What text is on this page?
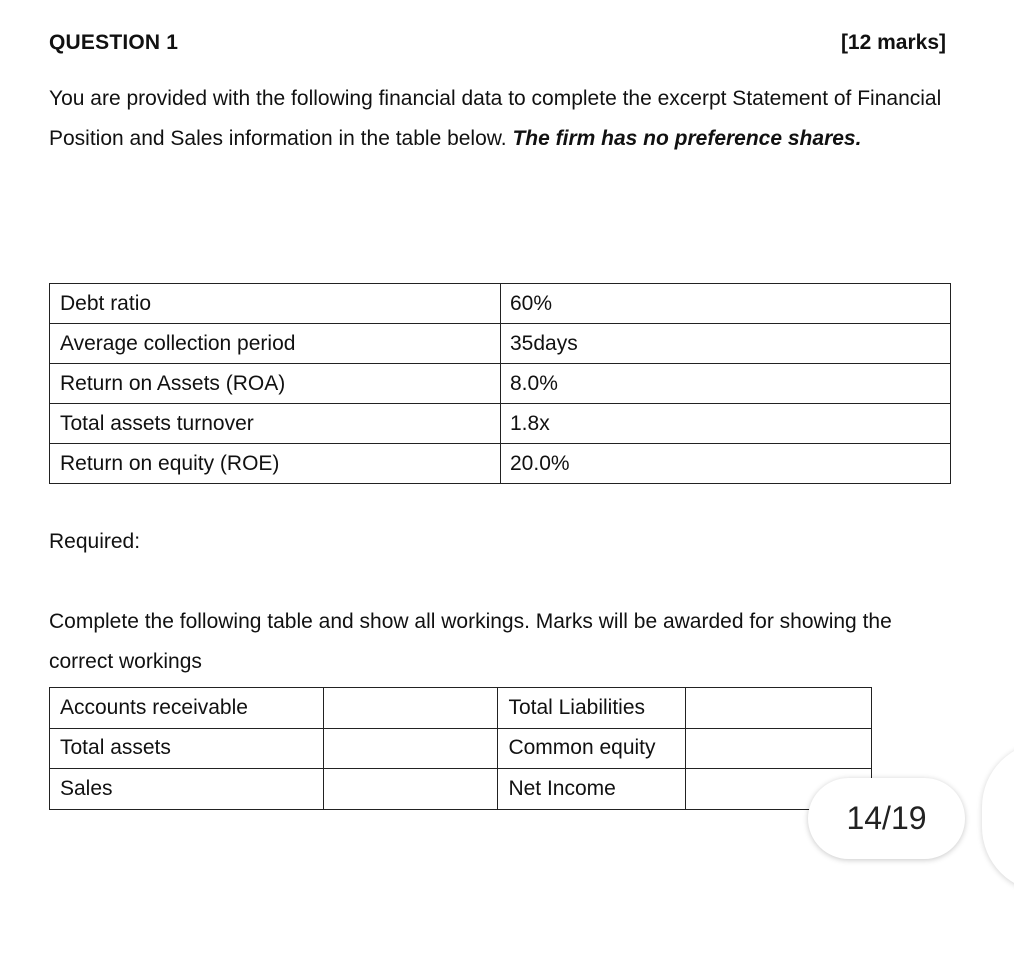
QUESTION 1	[12 marks]

You are provided with the following financial data to complete the excerpt Statement of Financial Position and Sales information in the table below. The firm has no preference shares.

Debt ratio	60%
Average collection period	35days
Return on Assets (ROA)	8.0%
Total assets turnover	1.8x
Return on equity (ROE)	20.0%

Required:

Complete the following table and show all workings. Marks will be awarded for showing the correct workings

Accounts receivable		Total Liabilities	
Total assets		Common equity	
Sales		Net Income	
14/19
